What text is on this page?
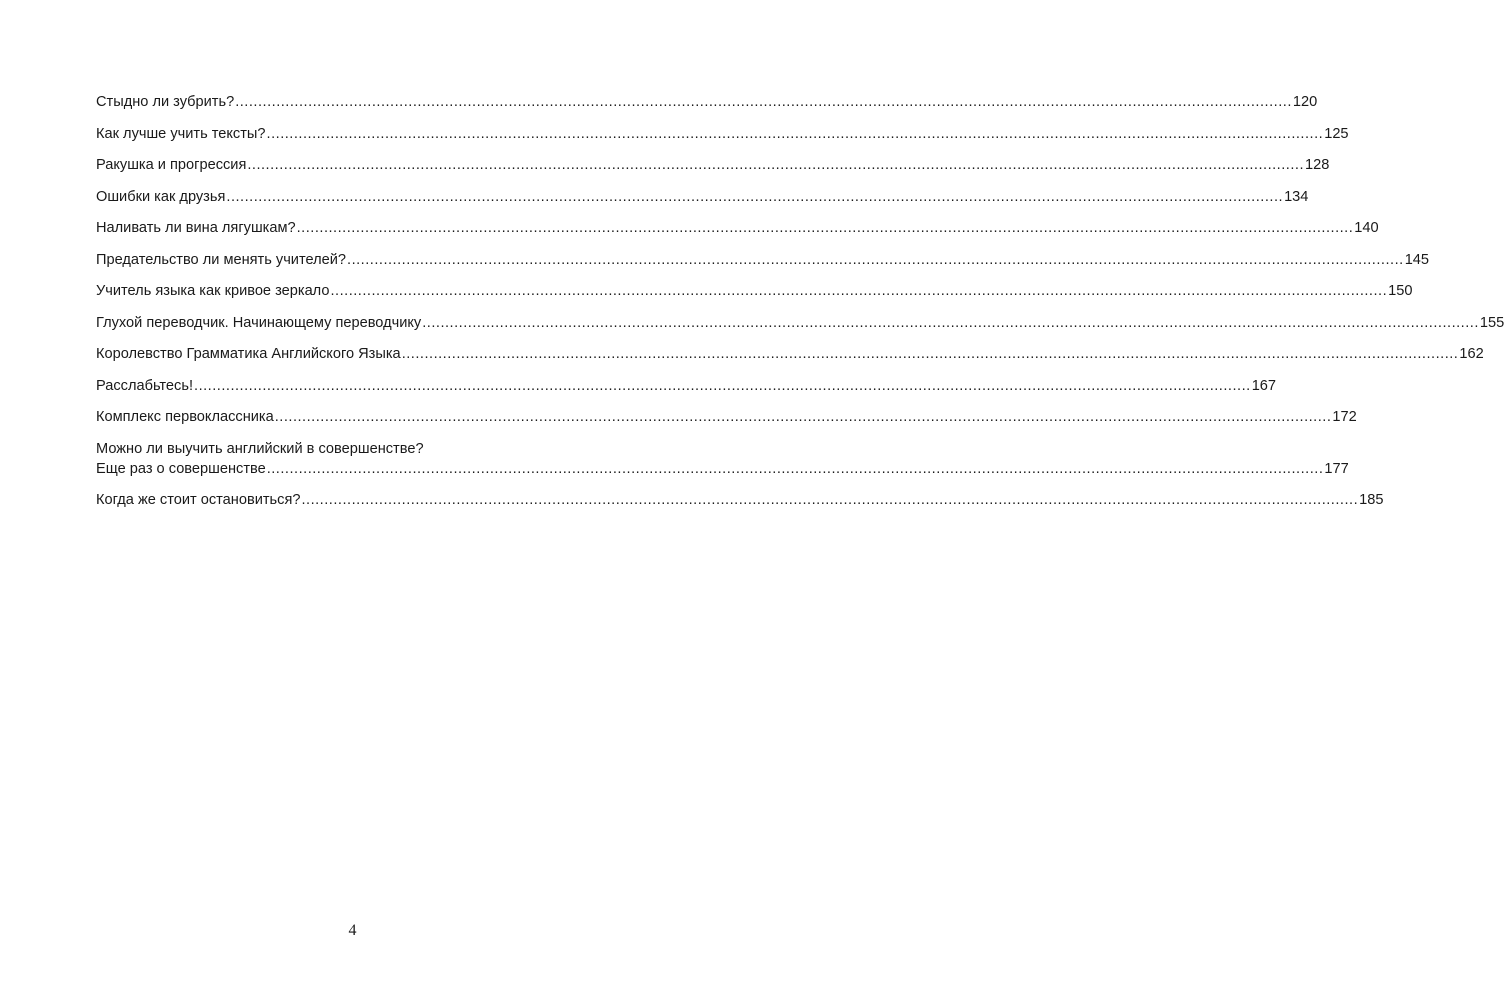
Стыдно ли зубрить? .....	120
Как лучше учить тексты? .....	125
Ракушка и прогрессия .....	128
Ошибки как друзья .....	134
Наливать ли вина лягушкам? .....	140
Предательство ли менять учителей? .....	145
Учитель языка как кривое зеркало .....	150
Глухой переводчик. Начинающему переводчику .....	155
Королевство Грамматика Английского Языка .....	162
Расслабьтесь! .....	167
Комплекс первоклассника .....	172
Можно ли выучить английский в совершенстве?
Еще раз о совершенстве .....	177
Когда же стоит остановиться? .....	185
4
